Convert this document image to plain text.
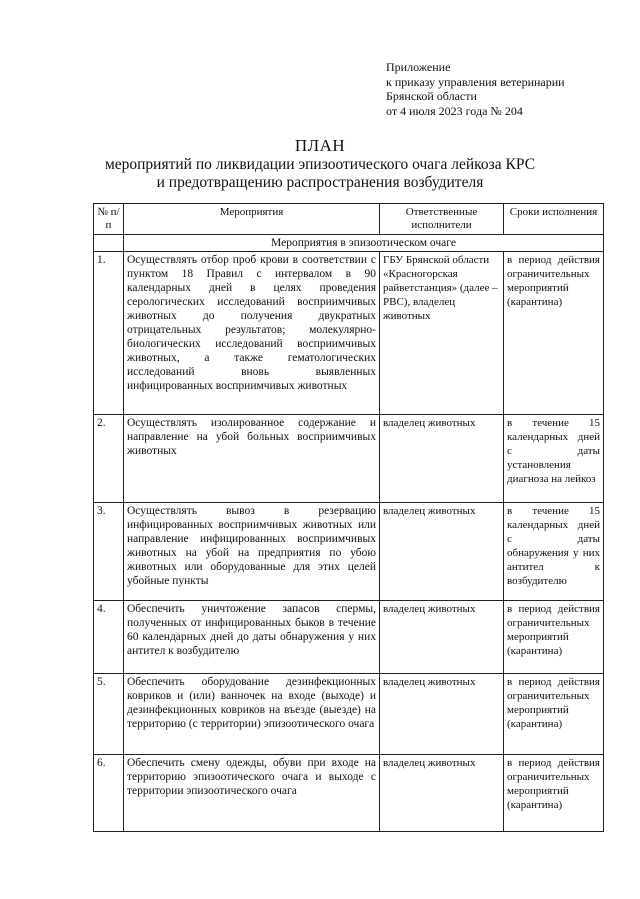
Приложение
к приказу управления ветеринарии
Брянской области
от 4 июля 2023 года № 204
ПЛАН
мероприятий по ликвидации эпизоотического очага лейкоза КРС
и предотвращению распространения возбудителя
№ п/п	Мероприятия	Ответственные исполнители	Сроки исполнения
	Мероприятия в эпизоотическом очаге		
1.	Осуществлять отбор проб крови в соответствии с пунктом 18 Правил с интервалом в 90 календарных дней в целях проведения серологических исследований восприимчивых животных до получения двукратных отрицательных результатов; молекулярно-биологических исследований восприимчивых животных, а также гематологических исследований вновь выявленных инфицированных восприимчивых животных	ГБУ Брянской области «Красногорская райветстанция» (далее – РВС), владелец животных	в период действия ограничительных мероприятий (карантина)
2.	Осуществлять изолированное содержание и направление на убой больных восприимчивых животных	владелец животных	в течение 15 календарных дней с даты установления диагноза на лейкоз
3.	Осуществлять вывоз в резервацию инфицированных восприимчивых животных или направление инфицированных восприимчивых животных на убой на предприятия по убою животных или оборудованные для этих целей убойные пункты	владелец животных	в течение 15 календарных дней с даты обнаружения у них антител к возбудителю
4.	Обеспечить уничтожение запасов спермы, полученных от инфицированных быков в течение 60 календарных дней до даты обнаружения у них антител к возбудителю	владелец животных	в период действия ограничительных мероприятий (карантина)
5.	Обеспечить оборудование дезинфекционных ковриков и (или) ванночек на входе (выходе) и дезинфекционных ковриков на въезде (выезде) на территорию (с территории) эпизоотического очага	владелец животных	в период действия ограничительных мероприятий (карантина)
6.	Обеспечить смену одежды, обуви при входе на территорию эпизоотического очага и выходе с территории эпизоотического очага	владелец животных	в период действия ограничительных мероприятий (карантина)
